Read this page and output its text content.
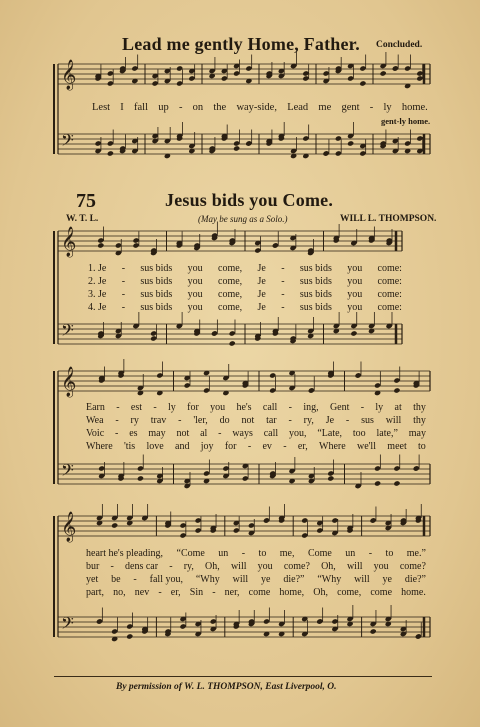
𝄞
𝄢
𝄞
𝄢
𝄞
𝄢
𝄞
𝄢
Lead me gently Home, Father. Concluded.
Lest I fall up - on the way-side, Lead me gent - ly home.
gent-ly home.
75	Jesus bids you Come.
W. T. L.	(May be sung as a Solo.)	WILL L. THOMPSON.
1. Je - sus bids you come, Je - sus bids you come:
2. Je - sus bids you come, Je - sus bids you come:
3. Je - sus bids you come, Je - sus bids you come:
4. Je - sus bids you come, Je - sus bids you come:
Earn - est - ly for you he's call - ing, Gent - ly at thy
Wea - ry trav - 'ler, do not tar - ry, Je - sus will thy
Voic - es may not al - ways call you, “Late, too late,” may
Where 'tis love and joy for - ev - er, Where we'll meet to
heart he's pleading, “Come un - to me, Come un - to me.”
bur - dens car - ry, Oh, will you come? Oh, will you come?
yet be - fall you, “Why will ye die?” “Why will ye die?”
part, no, nev - er, Sin - ner, come home, Oh, come, come home.
By permission of W. L. THOMPSON, East Liverpool, O.
